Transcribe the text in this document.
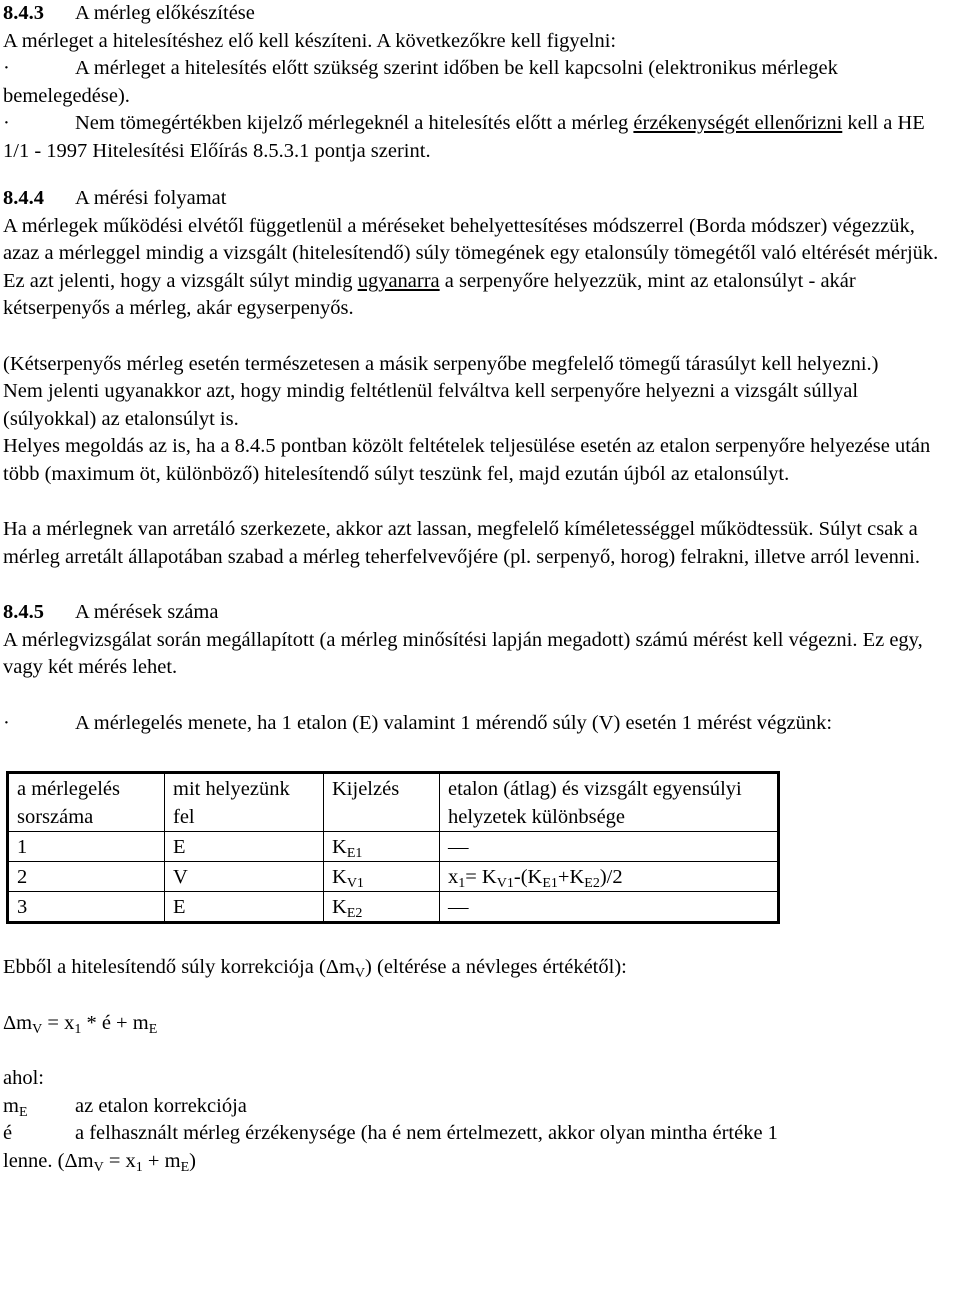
8.4.3 A mérleg előkészítése

A mérleget a hitelesítéshez elő kell készíteni. A következőkre kell figyelni:

·	A mérleget a hitelesítés előtt szükség szerint időben be kell kapcsolni (elektronikus mérlegek bemelegedése).

·	Nem tömegértékben kijelző mérlegeknél a hitelesítés előtt a mérleg érzékenységét ellenőrizni kell a HE 1/1 - 1997 Hitelesítési Előírás 8.5.3.1 pontja szerint.

8.4.4 A mérési folyamat

A mérlegek működési elvétől függetlenül a méréseket behelyettesítéses módszerrel (Borda módszer) végezzük, azaz a mérleggel mindig a vizsgált (hitelesítendő) súly tömegének egy etalonsúly tömegétől való eltérését mérjük. Ez azt jelenti, hogy a vizsgált súlyt mindig ugyanarra a serpenyőre helyezzük, mint az etalonsúlyt - akár kétserpenyős a mérleg, akár egyserpenyős.

(Kétserpenyős mérleg esetén természetesen a másik serpenyőbe megfelelő tömegű tárasúlyt kell helyezni.)

Nem jelenti ugyanakkor azt, hogy mindig feltétlenül felváltva kell serpenyőre helyezni a vizsgált súllyal (súlyokkal) az etalonsúlyt is.

Helyes megoldás az is, ha a 8.4.5 pontban közölt feltételek teljesülése esetén az etalon serpenyőre helyezése után több (maximum öt, különböző) hitelesítendő súlyt teszünk fel, majd ezután újból az etalonsúlyt.

Ha a mérlegnek van arretáló szerkezete, akkor azt lassan, megfelelő kíméletességgel működtessük. Súlyt csak a mérleg arretált állapotában szabad a mérleg teherfelvevőjére (pl. serpenyő, horog) felrakni, illetve arról levenni.

8.4.5 A mérések száma

A mérlegvizsgálat során megállapított (a mérleg minősítési lapján megadott) számú mérést kell végezni. Ez egy, vagy két mérés lehet.

·	A mérlegelés menete, ha 1 etalon (E) valamint 1 mérendő súly (V) esetén 1 mérést végzünk:

a mérlegelés sorszáma	mit helyezünk fel	Kijelzés	etalon (átlag) és vizsgált egyensúlyi helyzetek különbsége
1	E	$K_{E1}$	—
2	V	$K_{V1}$	$x_1= K_{V1}-(K_{E1}+K_{E2})/2$
3	E	$K_{E2}$	—

Ebből a hitelesítendő súly korrekciója $(\Delta m_V)$ (eltérése a névleges értékétől):

$\Delta m_V = x_1$ * é + $m_E$

ahol:

$m_E$ az etalon korrekciója

é	a felhasznált mérleg érzékenysége (ha é nem értelmezett, akkor olyan mintha értéke 1

lenne. $(\Delta m_V = x_1 + m_E)$
